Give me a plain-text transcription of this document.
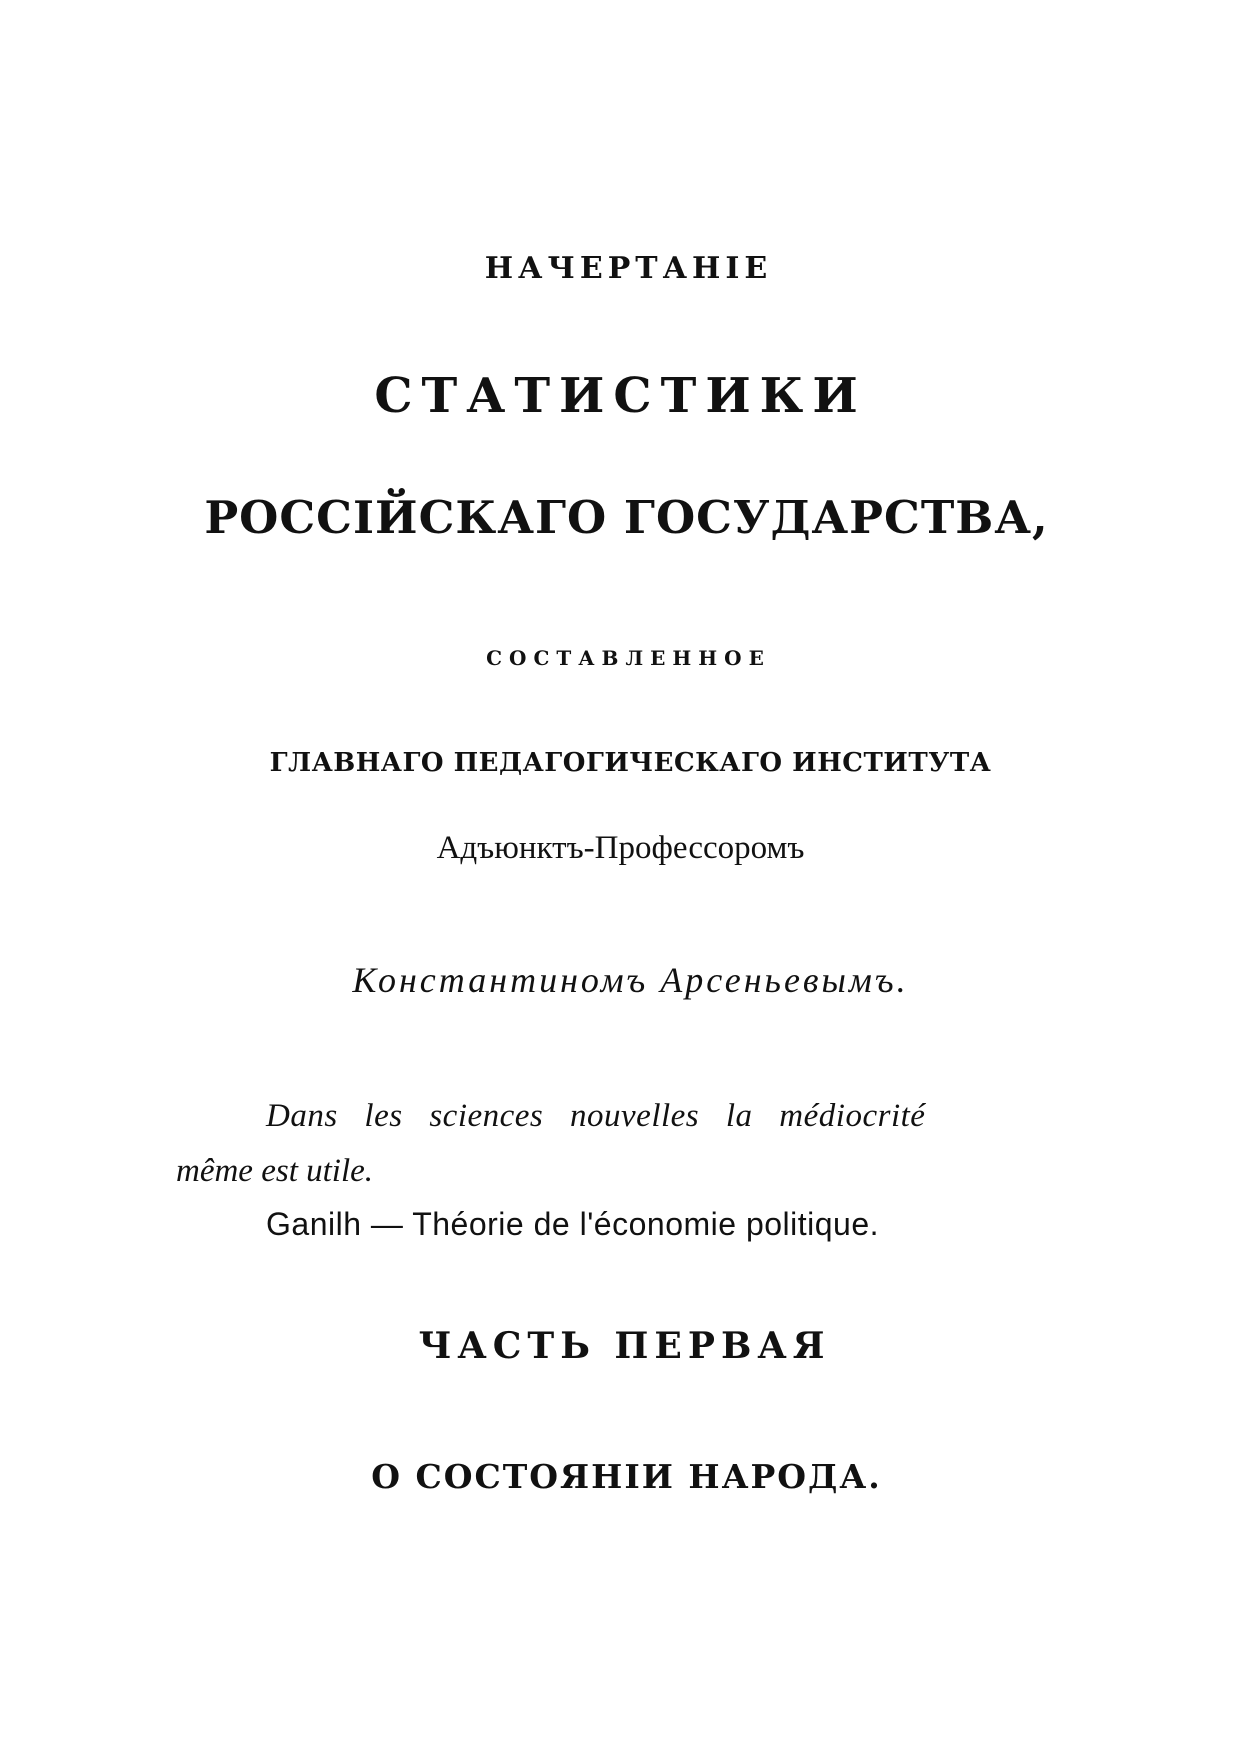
НАЧЕРТАНIЕ
СТАТИСТИКИ
РОССIЙСКАГО ГОСУДАРСТВА,
СОСТАВЛЕННОЕ
ГЛАВНАГО ПЕДАГОГИЧЕСКАГО ИНСТИТУТА
Адъюнктъ-Профессоромъ
Константиномъ Арсеньевымъ.
Dans les sciences nouvelles la médiocrité
même est utile.
Ganilh — Théorie de l'économie politique.
ЧАСТЬ ПЕРВАЯ
О СОСТОЯНIИ НАРОДА.
